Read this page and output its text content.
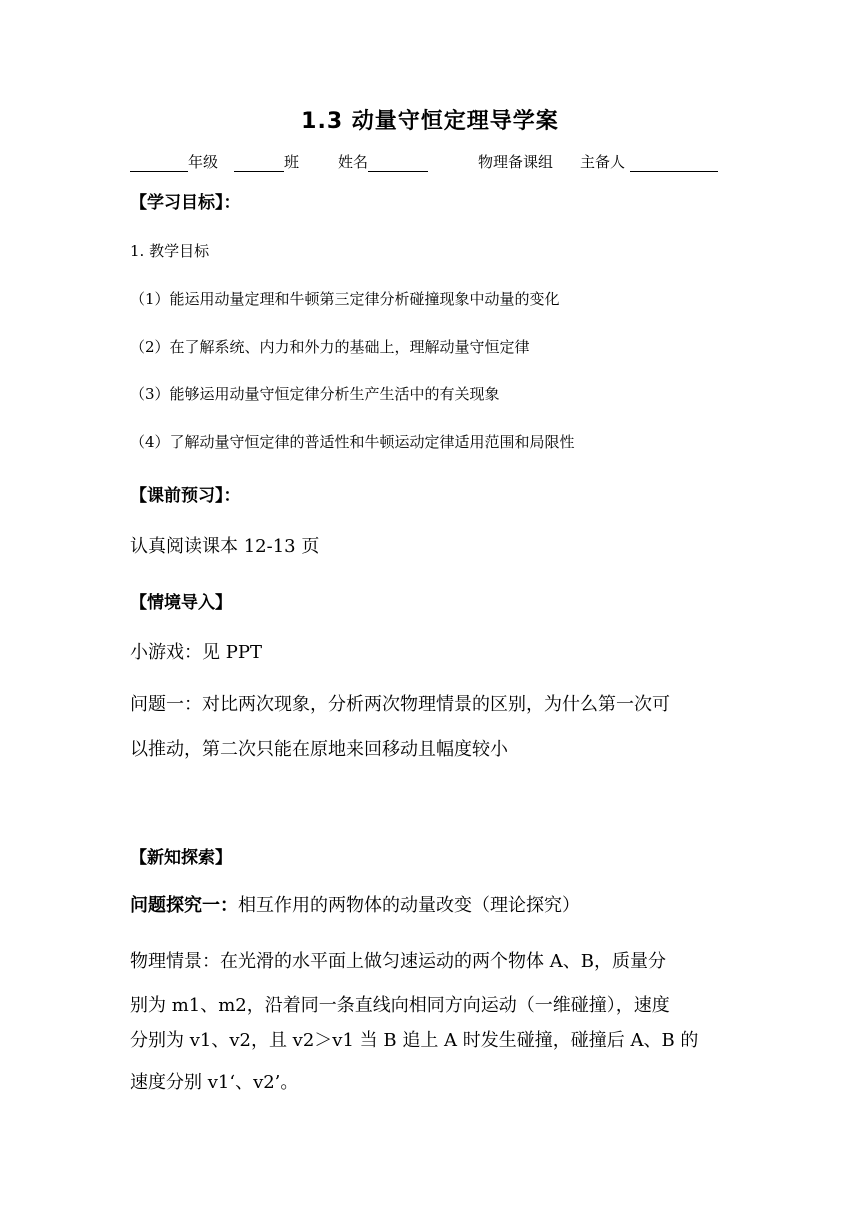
1.3 动量守恒定理导学案
年级	班	姓名	物理备课组 主备人
【学习目标】：
1. 教学目标
（1）能运用动量定理和牛顿第三定律分析碰撞现象中动量的变化
（2）在了解系统、内力和外力的基础上，理解动量守恒定律
（3）能够运用动量守恒定律分析生产生活中的有关现象
（4）了解动量守恒定律的普适性和牛顿运动定律适用范围和局限性
【课前预习】：
认真阅读课本 12-13 页
【情境导入】
小游戏：见 PPT
问题一：对比两次现象，分析两次物理情景的区别，为什么第一次可
以推动，第二次只能在原地来回移动且幅度较小
【新知探索】
问题探究一：相互作用的两物体的动量改变（理论探究）
物理情景：在光滑的水平面上做匀速运动的两个物体 A、B，质量分
别为 m1、m2，沿着同一条直线向相同方向运动（一维碰撞），速度
分别为 v1、v2，且 v2＞v1 当 B 追上 A 时发生碰撞，碰撞后 A、B 的
速度分别 v1‘、v2’。
